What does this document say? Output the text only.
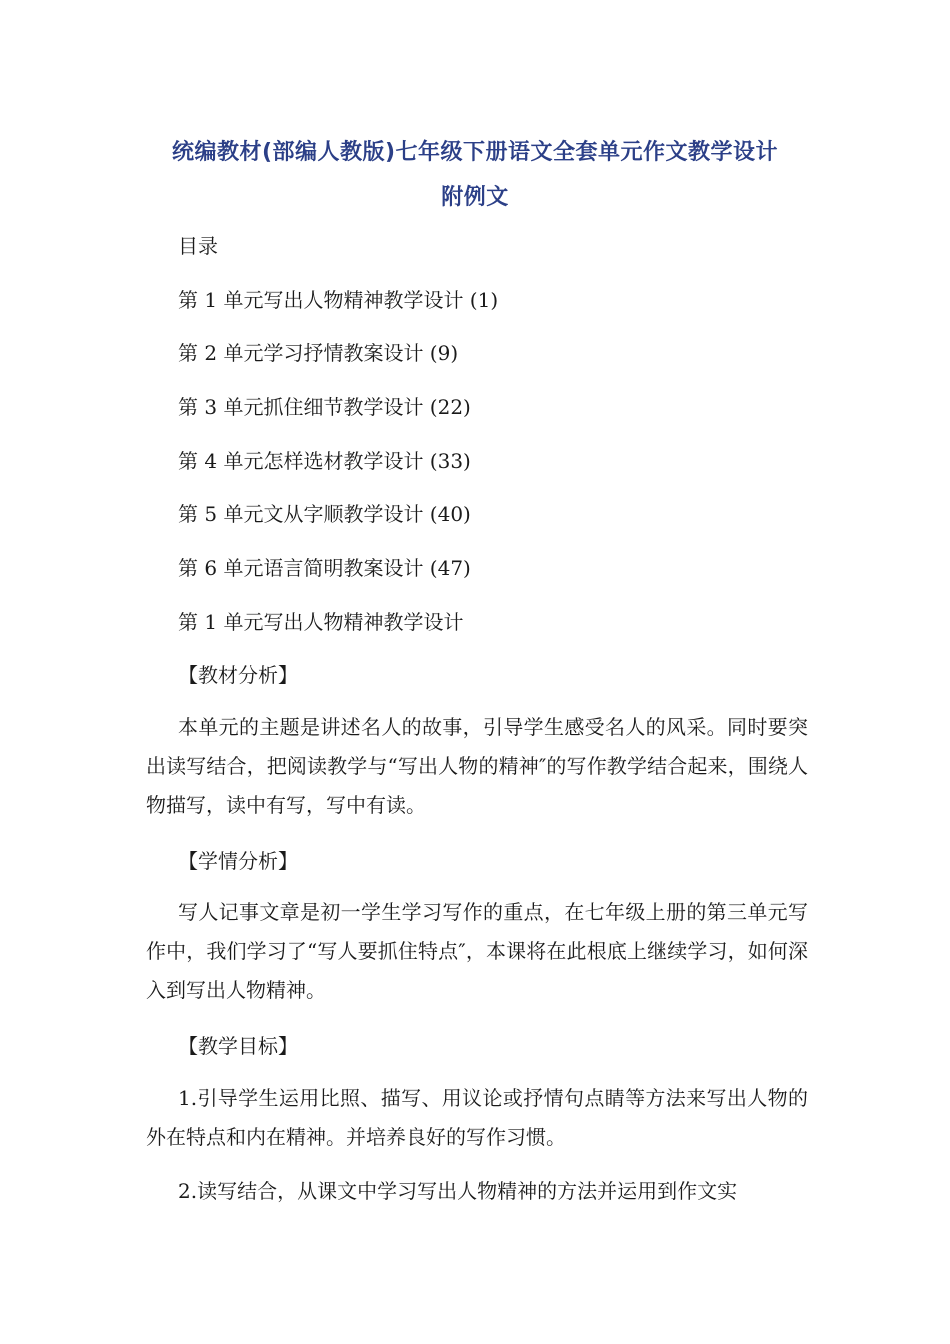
统编教材(部编人教版)七年级下册语文全套单元作文教学设计
附例文
目录
第 1 单元写出人物精神教学设计 (1)
第 2 单元学习抒情教案设计 (9)
第 3 单元抓住细节教学设计 (22)
第 4 单元怎样选材教学设计 (33)
第 5 单元文从字顺教学设计 (40)
第 6 单元语言简明教案设计 (47)
第 1 单元写出人物精神教学设计
【教材分析】
本单元的主题是讲述名人的故事，引导学生感受名人的风采。同时要突出读写结合，把阅读教学与“写出人物的精神″的写作教学结合起来，围绕人物描写，读中有写，写中有读。
【学情分析】
写人记事文章是初一学生学习写作的重点，在七年级上册的第三单元写作中，我们学习了“写人要抓住特点″，本课将在此根底上继续学习，如何深入到写出人物精神。
【教学目标】
1.引导学生运用比照、描写、用议论或抒情句点睛等方法来写出人物的外在特点和内在精神。并培养良好的写作习惯。
2.读写结合，从课文中学习写出人物精神的方法并运用到作文实
